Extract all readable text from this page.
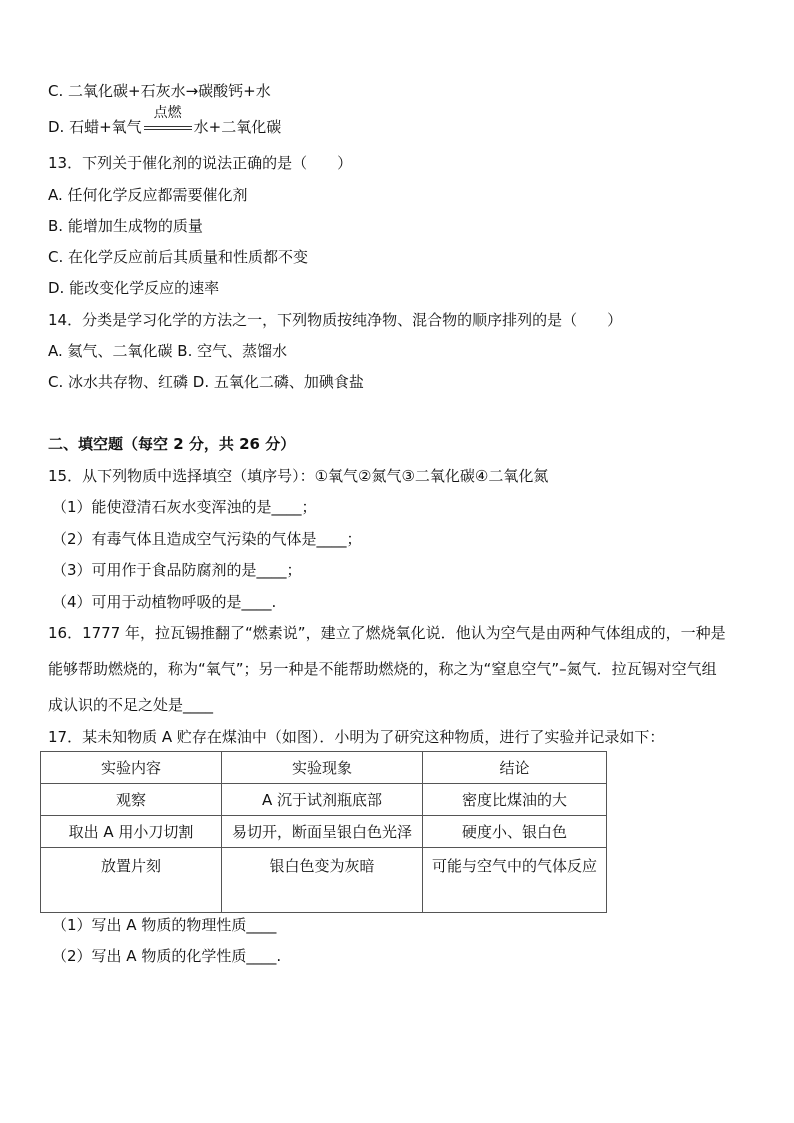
C. 二氧化碳+石灰水→碳酸钙+水
D. 石蜡+氧气
点燃
水+二氧化碳
13．下列关于催化剂的说法正确的是（　　）
A. 任何化学反应都需要催化剂
B. 能增加生成物的质量
C. 在化学反应前后其质量和性质都不变
D. 能改变化学反应的速率
14．分类是学习化学的方法之一，下列物质按纯净物、混合物的顺序排列的是（　　）
A. 氦气、二氧化碳 B. 空气、蒸馏水
C. 冰水共存物、红磷 D. 五氧化二磷、加碘食盐
二、填空题（每空 2 分，共 26 分）
15．从下列物质中选择填空（填序号）：①氧气②氮气③二氧化碳④二氧化氮
（1）能使澄清石灰水变浑浊的是____；
（2）有毒气体且造成空气污染的气体是____；
（3）可用作于食品防腐剂的是____；
（4）可用于动植物呼吸的是____.
16．1777 年，拉瓦锡推翻了“燃素说”，建立了燃烧氧化说．他认为空气是由两种气体组成的，一种是
能够帮助燃烧的，称为“氧气”；另一种是不能帮助燃烧的，称之为“窒息空气”–氮气．拉瓦锡对空气组
成认识的不足之处是____
17．某未知物质 A 贮存在煤油中（如图）．小明为了研究这种物质，进行了实验并记录如下：
实验内容	实验现象	结论
观察	A 沉于试剂瓶底部	密度比煤油的大
取出 A 用小刀切割	易切开，断面呈银白色光泽	硬度小、银白色
放置片刻	银白色变为灰暗	可能与空气中的气体反应
（1）写出 A 物质的物理性质____
（2）写出 A 物质的化学性质____.
